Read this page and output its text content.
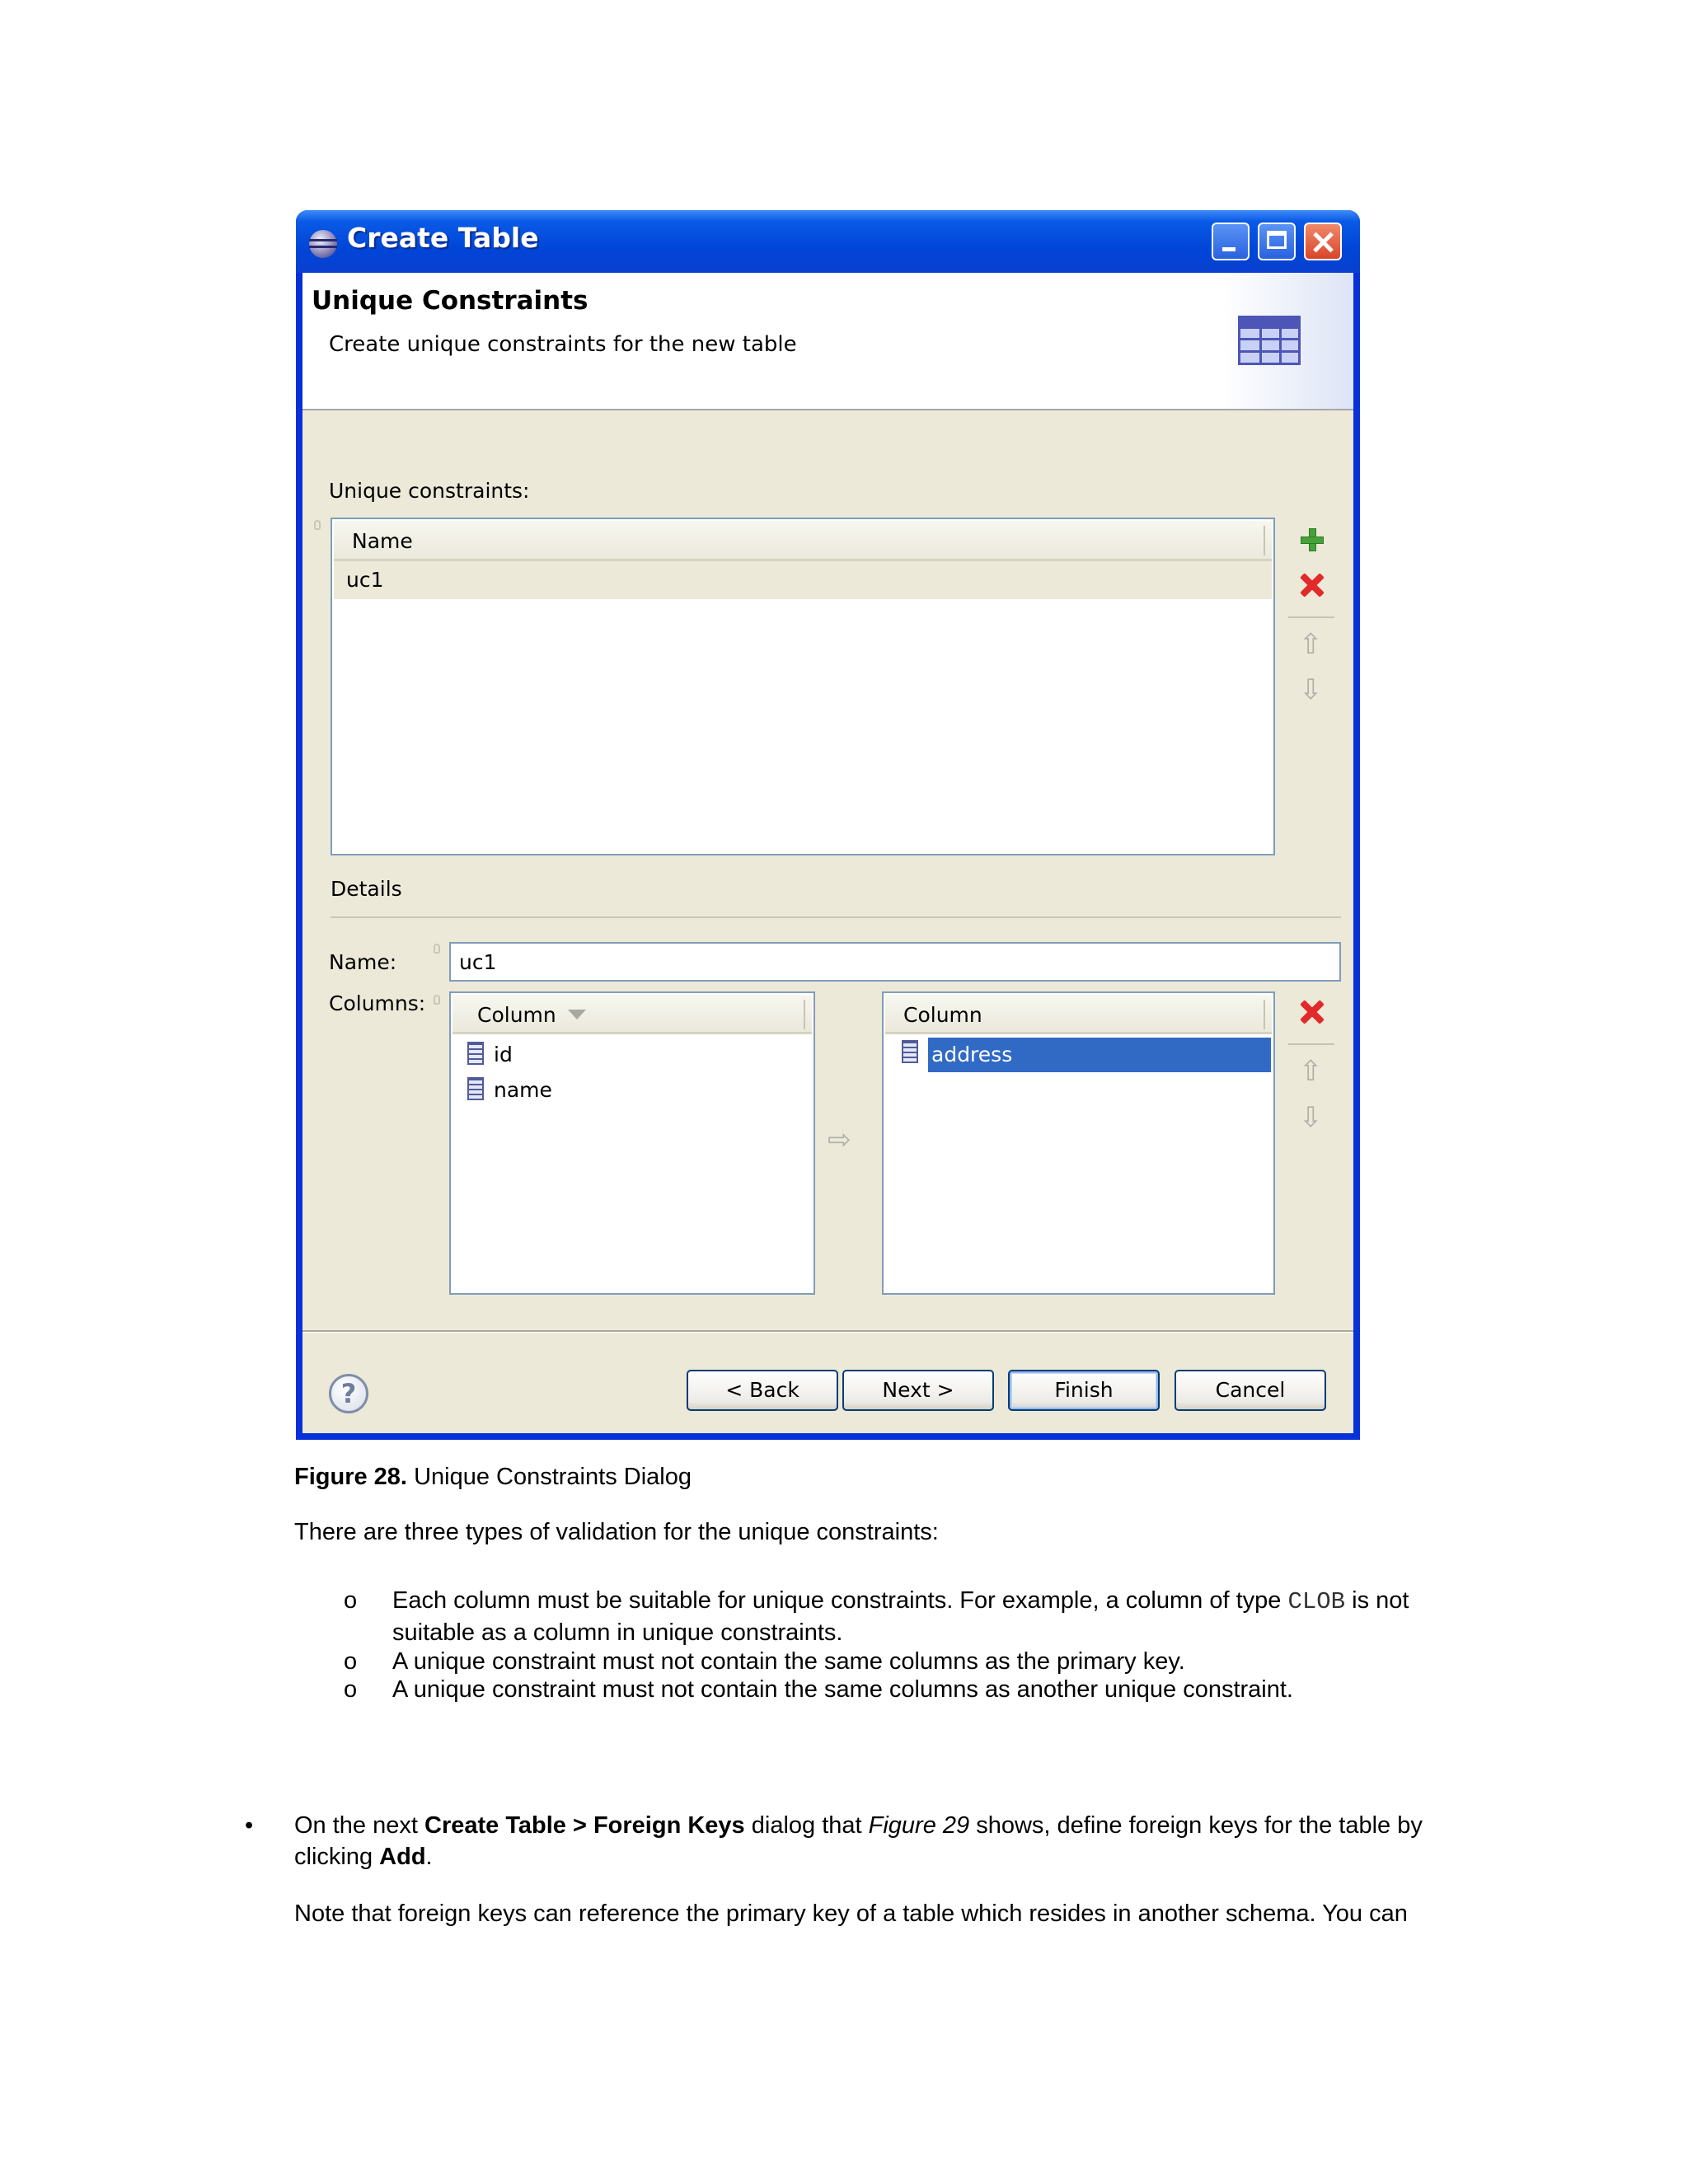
Create Table
Unique Constraints
Create unique constraints for the new table
Unique constraints:
Name
uc1
⇧
⇩
Details
Name:	uc1
Columns:	Column
id
name
⇨
Column
address
⇧
⇩
?	< Back	Next >	Finish	Cancel
Figure 28. Unique Constraints Dialog
There are three types of validation for the unique constraints:
o Each column must be suitable for unique constraints. For example, a column of type CLOB is not
suitable as a column in unique constraints.
o A unique constraint must not contain the same columns as the primary key.
o A unique constraint must not contain the same columns as another unique constraint.
• On the next Create Table > Foreign Keys dialog that Figure 29 shows, define foreign keys for the table by
clicking Add.
Note that foreign keys can reference the primary key of a table which resides in another schema. You can
